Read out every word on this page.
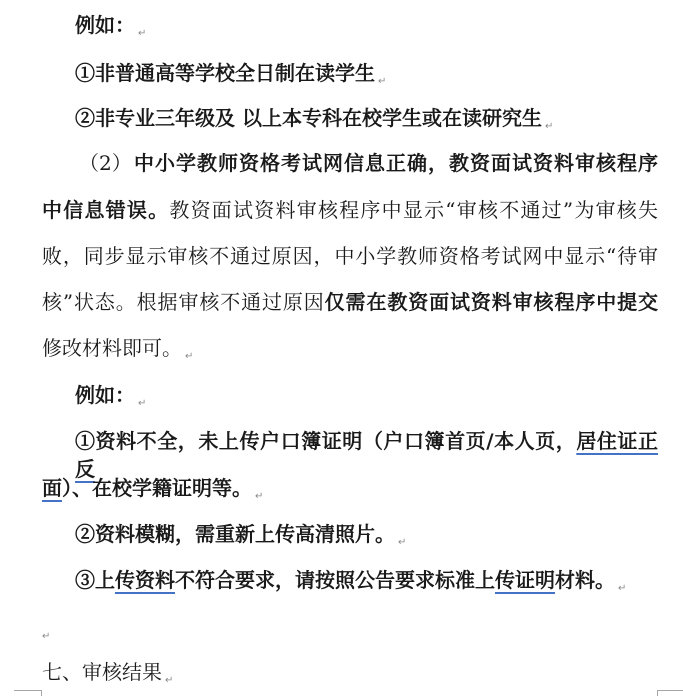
例如： $_↵$
①非普通高等学校全日制在读学生 $_↵$
②非专业三年级及 以上本专科在校学生或在读研究生 $_↵$
（2） 中小学教师资格考试网信息正确，教资面试资料审核程序
中信息错误。教资面试资料审核程序中显示“审核不通过”为审核失
败，同步显示审核不通过原因，中小学教师资格考试网中显示“待审
核”状态。根据审核不通过原因仅需在教资面试资料审核程序中提交
修改材料即可。 $_↵$
例如： $_↵$
①资料不全，未上传户口簿证明（户口簿首页/本人页，居住证正反
面）、在校学籍证明等。 $_↵$
②资料模糊，需重新上传高清照片。 $_↵$
③上传资料不符合要求，请按照公告要求标准上传证明材料。 $_↵$
$_↵$
七、审核结果 $_↵$
